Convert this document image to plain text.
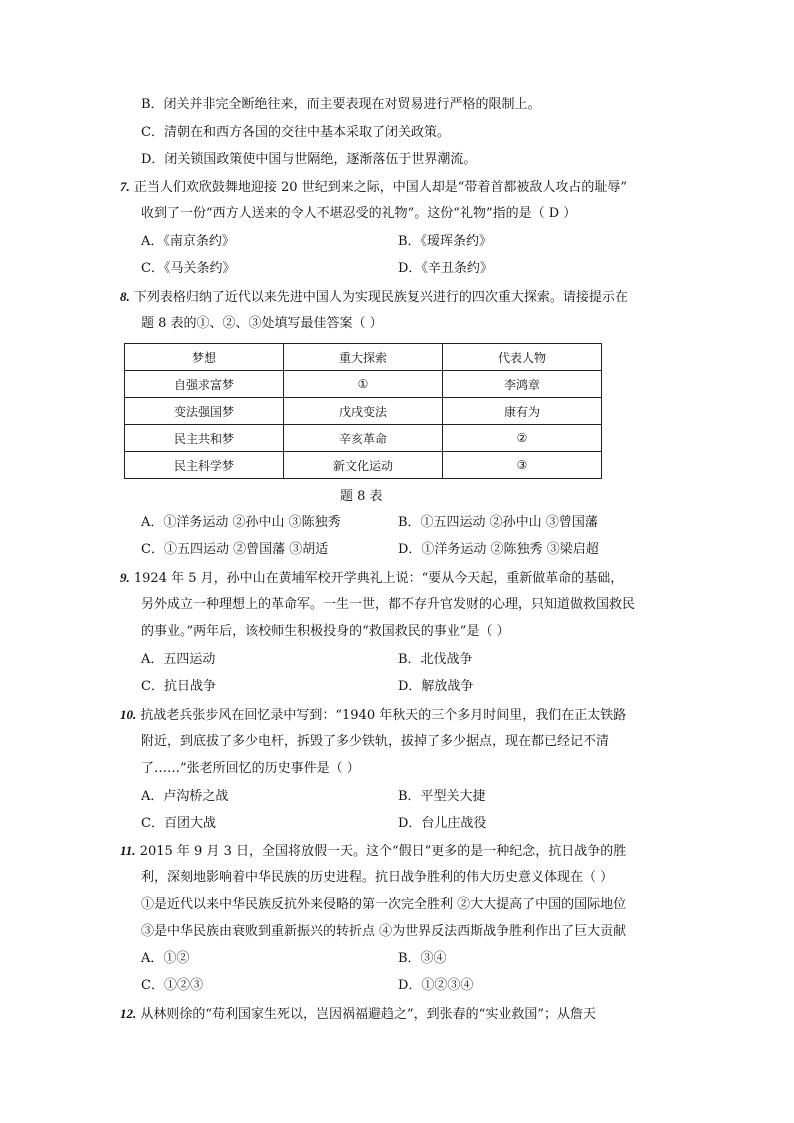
B．闭关并非完全断绝往来，而主要表现在对贸易进行严格的限制上。
C．清朝在和西方各国的交往中基本采取了闭关政策。
D．闭关锁国政策使中国与世隔绝，逐渐落伍于世界潮流。
7. 正当人们欢欣鼓舞地迎接 20 世纪到来之际，中国人却是“带着首都被敌人攻占的耻辱”
收到了一份“西方人送来的令人不堪忍受的礼物”。这份“礼物”指的是（ D ）
A．《南京条约》	B．《瑷珲条约》
C．《马关条约》	D．《辛丑条约》
8. 下列表格归纳了近代以来先进中国人为实现民族复兴进行的四次重大探索。请接提示在
题 8 表的①、②、③处填写最佳答案（ ）
梦想	重大探索	代表人物
自强求富梦	①	李鸿章
变法强国梦	戊戌变法	康有为
民主共和梦	辛亥革命	②
民主科学梦	新文化运动	③
题 8 表
A．①洋务运动 ②孙中山 ③陈独秀	B．①五四运动 ②孙中山 ③曾国藩
C．①五四运动 ②曾国藩 ③胡适	D．①洋务运动 ②陈独秀 ③梁启超
9. 1924 年 5 月，孙中山在黄埔军校开学典礼上说：“要从今天起，重新做革命的基础，
另外成立一种理想上的革命军。一生一世，都不存升官发财的心理，只知道做救国救民
的事业。”两年后，该校师生积极投身的“救国救民的事业”是（ ）
A．五四运动	B．北伐战争
C．抗日战争	D．解放战争
10. 抗战老兵张步风在回忆录中写到：“1940 年秋天的三个多月时间里，我们在正太铁路
附近，到底拔了多少电杆，拆毁了多少铁轨，拔掉了多少据点，现在都已经记不清
了……”张老所回忆的历史事件是（ ）
A．卢沟桥之战	B．平型关大捷
C．百团大战	D．台儿庄战役
11. 2015 年 9 月 3 日，全国将放假一天。这个“假日”更多的是一种纪念，抗日战争的胜
利，深刻地影响着中华民族的历史进程。抗日战争胜利的伟大历史意义体现在（ ）
①是近代以来中华民族反抗外来侵略的第一次完全胜利 ②大大提高了中国的国际地位
③是中华民族由衰败到重新振兴的转折点 ④为世界反法西斯战争胜利作出了巨大贡献
A．①②	B．③④
C．①②③	D．①②③④
12. 从林则徐的“苟利国家生死以，岂因祸福避趋之”，到张春的“实业救国”；从詹天
